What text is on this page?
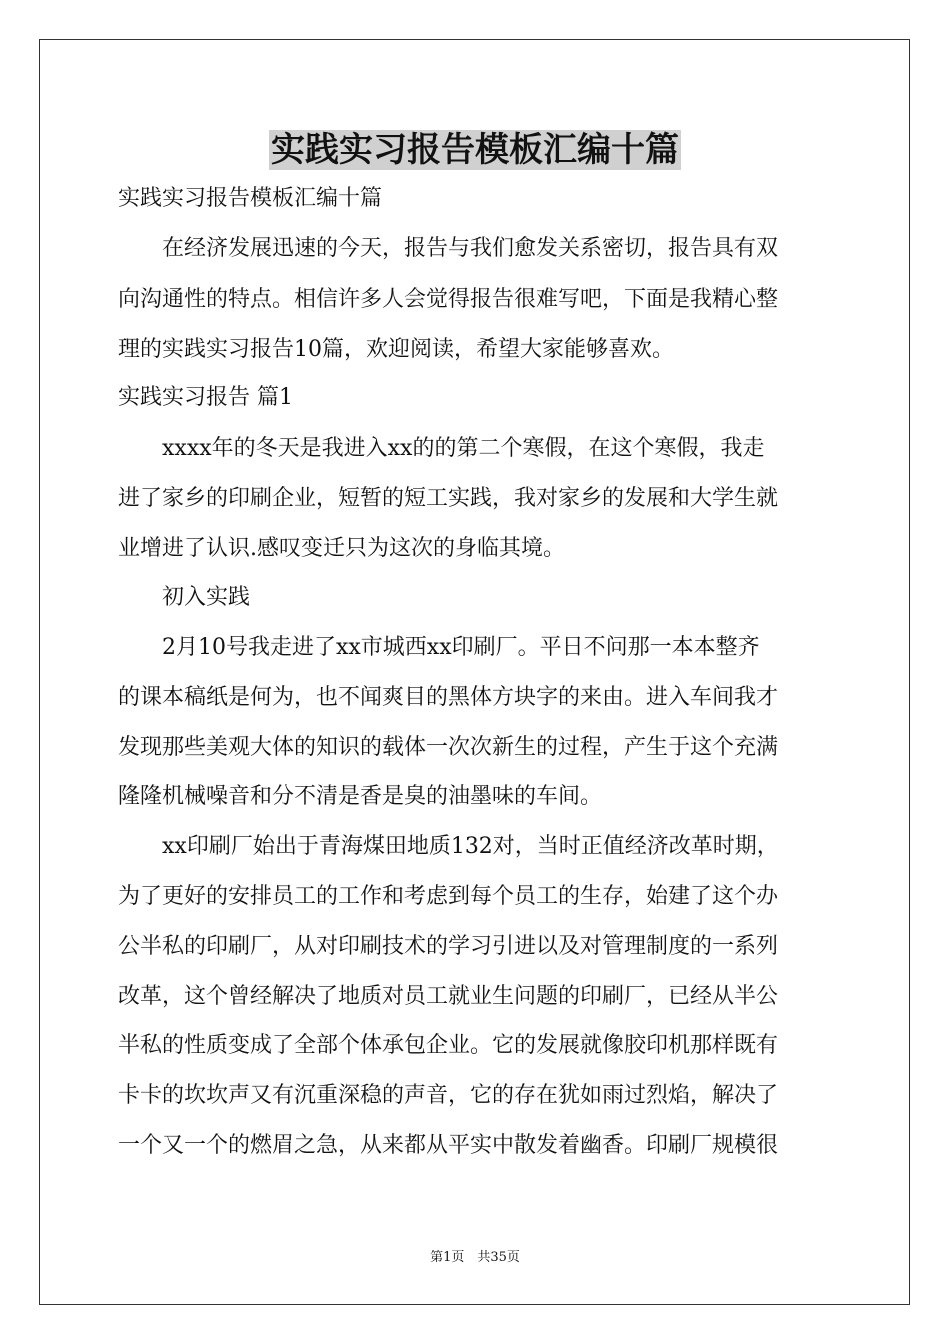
实践实习报告模板汇编十篇
实践实习报告模板汇编十篇
　　在经济发展迅速的今天，报告与我们愈发关系密切，报告具有双
向沟通性的特点。相信许多人会觉得报告很难写吧，下面是我精心整
理的实践实习报告10篇，欢迎阅读，希望大家能够喜欢。
实践实习报告 篇1
　　xxxx年的冬天是我进入xx的的第二个寒假，在这个寒假，我走
进了家乡的印刷企业，短暂的短工实践，我对家乡的发展和大学生就
业增进了认识.感叹变迁只为这次的身临其境。
　　初入实践
　　2月10号我走进了xx市城西xx印刷厂。平日不问那一本本整齐
的课本稿纸是何为，也不闻爽目的黑体方块字的来由。进入车间我才
发现那些美观大体的知识的载体一次次新生的过程，产生于这个充满
隆隆机械噪音和分不清是香是臭的油墨味的车间。
　　xx印刷厂始出于青海煤田地质132对，当时正值经济改革时期，
为了更好的安排员工的工作和考虑到每个员工的生存，始建了这个办
公半私的印刷厂，从对印刷技术的学习引进以及对管理制度的一系列
改革，这个曾经解决了地质对员工就业生问题的印刷厂，已经从半公
半私的性质变成了全部个体承包企业。它的发展就像胶印机那样既有
卡卡的坎坎声又有沉重深稳的声音，它的存在犹如雨过烈焰，解决了
一个又一个的燃眉之急，从来都从平实中散发着幽香。印刷厂规模很
第1页　共35页
